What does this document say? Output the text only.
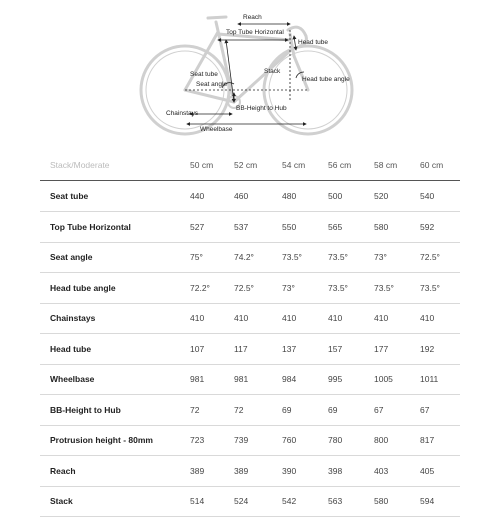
Reach
Top Tube Horizontal
Head tube
Seat tube	Stack
Seat angle
Head tube angle
BB-Height to Hub
Chainstays
Wheelbase
Stack/Moderate	50 cm 52 cm	54 cm	56 cm	58 cm	60 cm
Seat tube	440	460	480	500	520	540
Top Tube Horizontal	527	537	550	565	580	592
Seat angle	75°	74.2°	73.5°	73.5°	73°	72.5°
Head tube angle	72.2°	72.5°	73°	73.5°	73.5°	73.5°
Chainstays	410	410	410	410	410	410
Head tube	107	117	137	157	177	192
Wheelbase	981	981	984	995	1005	1011
BB-Height to Hub	72	72	69	69	67	67
Protrusion height - 80mm	723	739	760	780	800	817
Reach	389	389	390	398	403	405
Stack	514	524	542	563	580	594
